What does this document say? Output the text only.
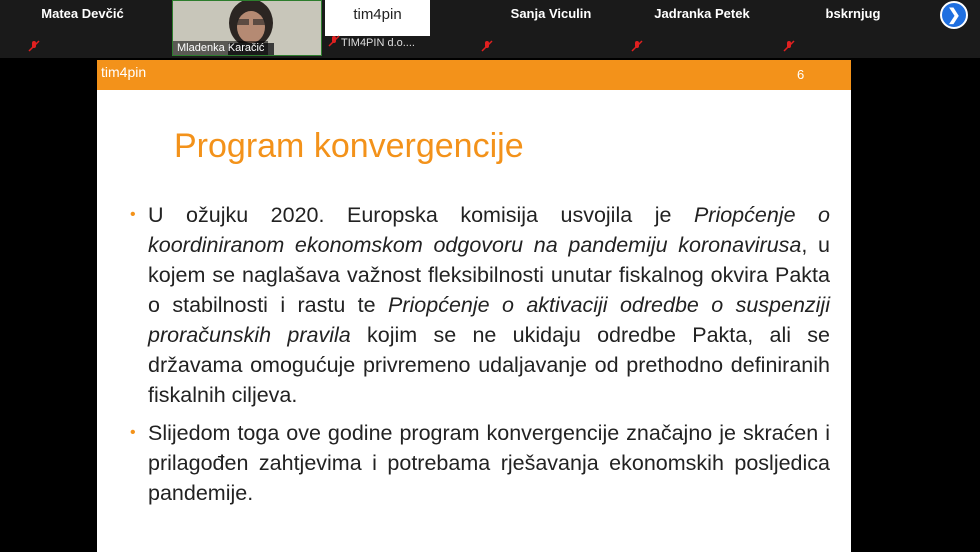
Matea Devčić
Mladenka Karačić
tim4pin
TIM4PIN d.o....
Sanja Viculin	Jadranka Petek	bskrnjug	❯
tim4pin	6
Program konvergencije
• U ožujku 2020. Europska komisija usvojila je Priopćenje o koordiniranom ekonomskom odgovoru na pandemiju koronavirusa, u kojem se naglašava važnost fleksibilnosti unutar fiskalnog okvira Pakta o stabilnosti i rastu te Priopćenje o aktivaciji odredbe o suspenziji proračunskih pravila kojim se ne ukidaju odredbe Pakta, ali se državama omogućuje privremeno udaljavanje od prethodno definiranih fiskalnih ciljeva.
• Slijedom toga ove godine program konvergencije značajno je skraćen i prilagođen zahtjevima i potrebama rješavanja ekonomskih posljedica pandemije.
